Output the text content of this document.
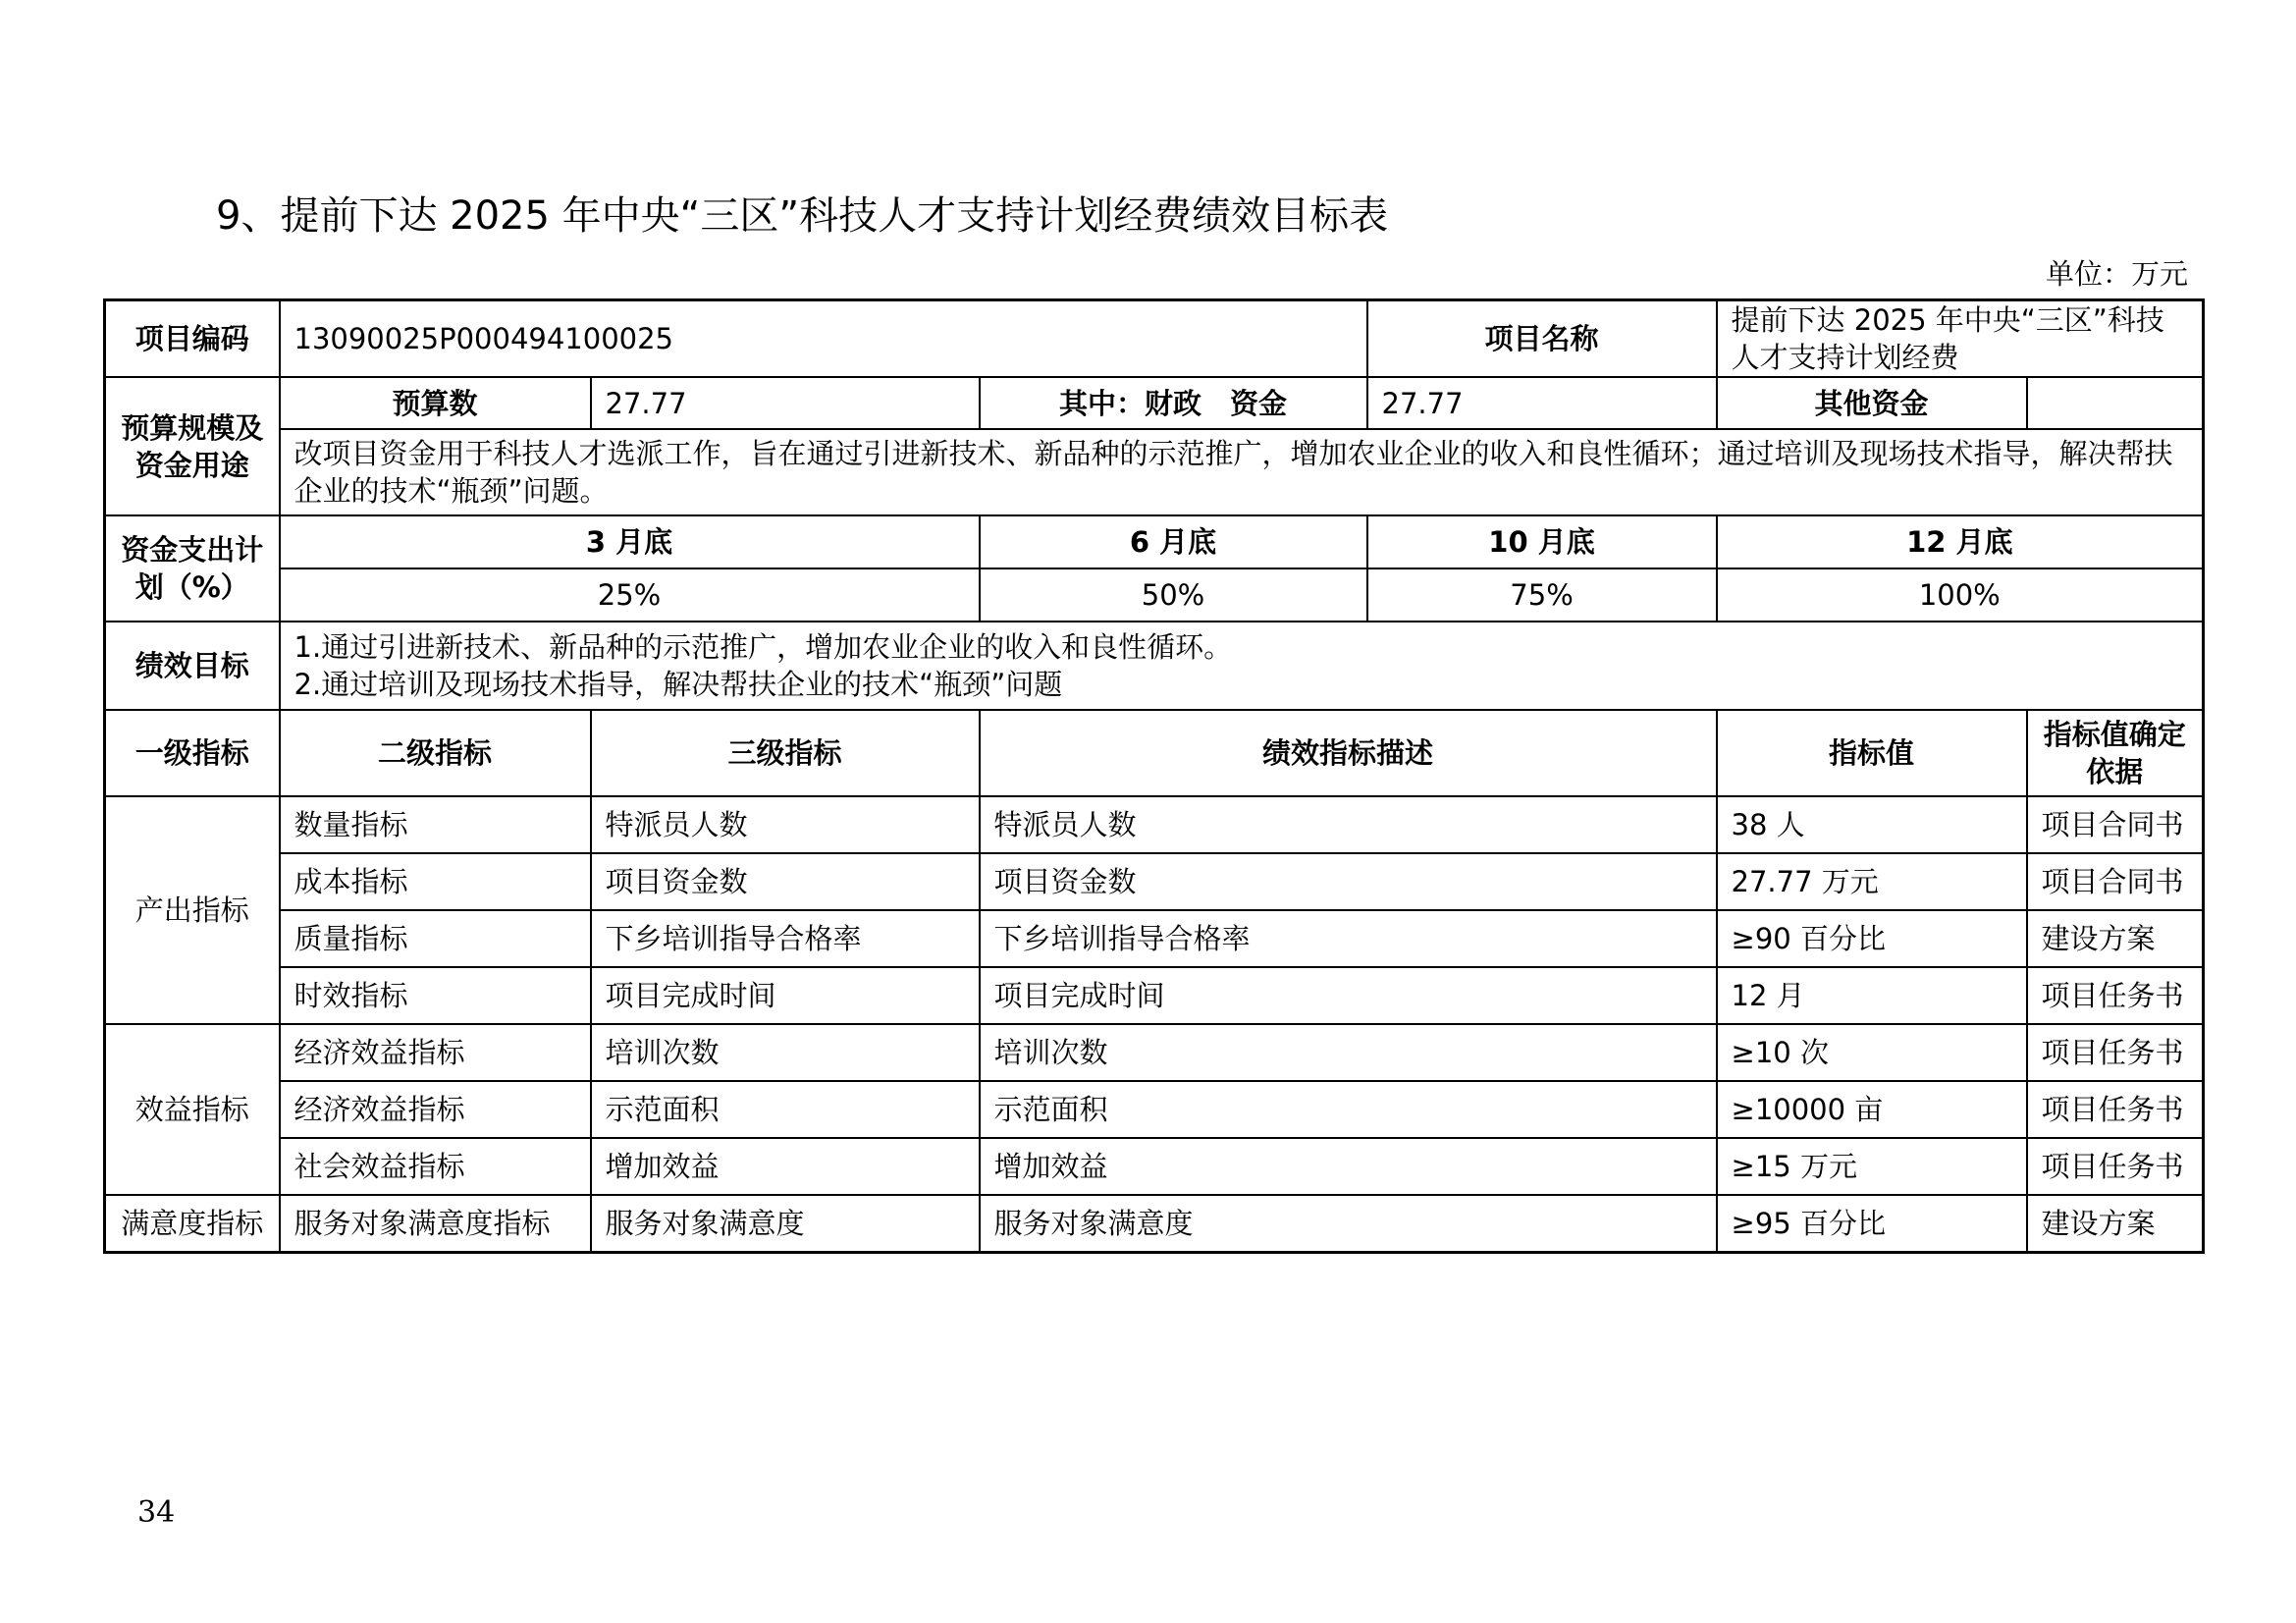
9、提前下达 2025 年中央“三区”科技人才支持计划经费绩效目标表
单位：万元
项目编码	13090025P000494100025			项目名称	提前下达 2025 年中央“三区”科技人才支持计划经费	
预算规模及资金用途	预算数	27.77	其中：财政　资金	27.77	其他资金	
	改项目资金用于科技人才选派工作，旨在通过引进新技术、新品种的示范推广，增加农业企业的收入和良性循环；通过培训及现场技术指导，解决帮扶企业的技术“瓶颈”问题。					
资金支出计划（%）	3 月底		6 月底	10 月底	12 月底	
	25%		50%	75%	100%	
绩效目标	1.通过引进新技术、新品种的示范推广，增加农业企业的收入和良性循环。
2.通过培训及现场技术指导，解决帮扶企业的技术“瓶颈”问题					

一级指标	二级指标	三级指标	绩效指标描述		指标值	指标值确定依据
产出指标	数量指标	特派员人数	特派员人数		38 人	项目合同书
	成本指标	项目资金数	项目资金数		27.77 万元	项目合同书
	质量指标	下乡培训指导合格率	下乡培训指导合格率		≥90 百分比	建设方案
	时效指标	项目完成时间	项目完成时间		12 月	项目任务书
效益指标	经济效益指标	培训次数	培训次数		≥10 次	项目任务书
	经济效益指标	示范面积	示范面积		≥10000 亩	项目任务书
	社会效益指标	增加效益	增加效益		≥15 万元	项目任务书
满意度指标	服务对象满意度指标	服务对象满意度	服务对象满意度		≥95 百分比	建设方案
34
